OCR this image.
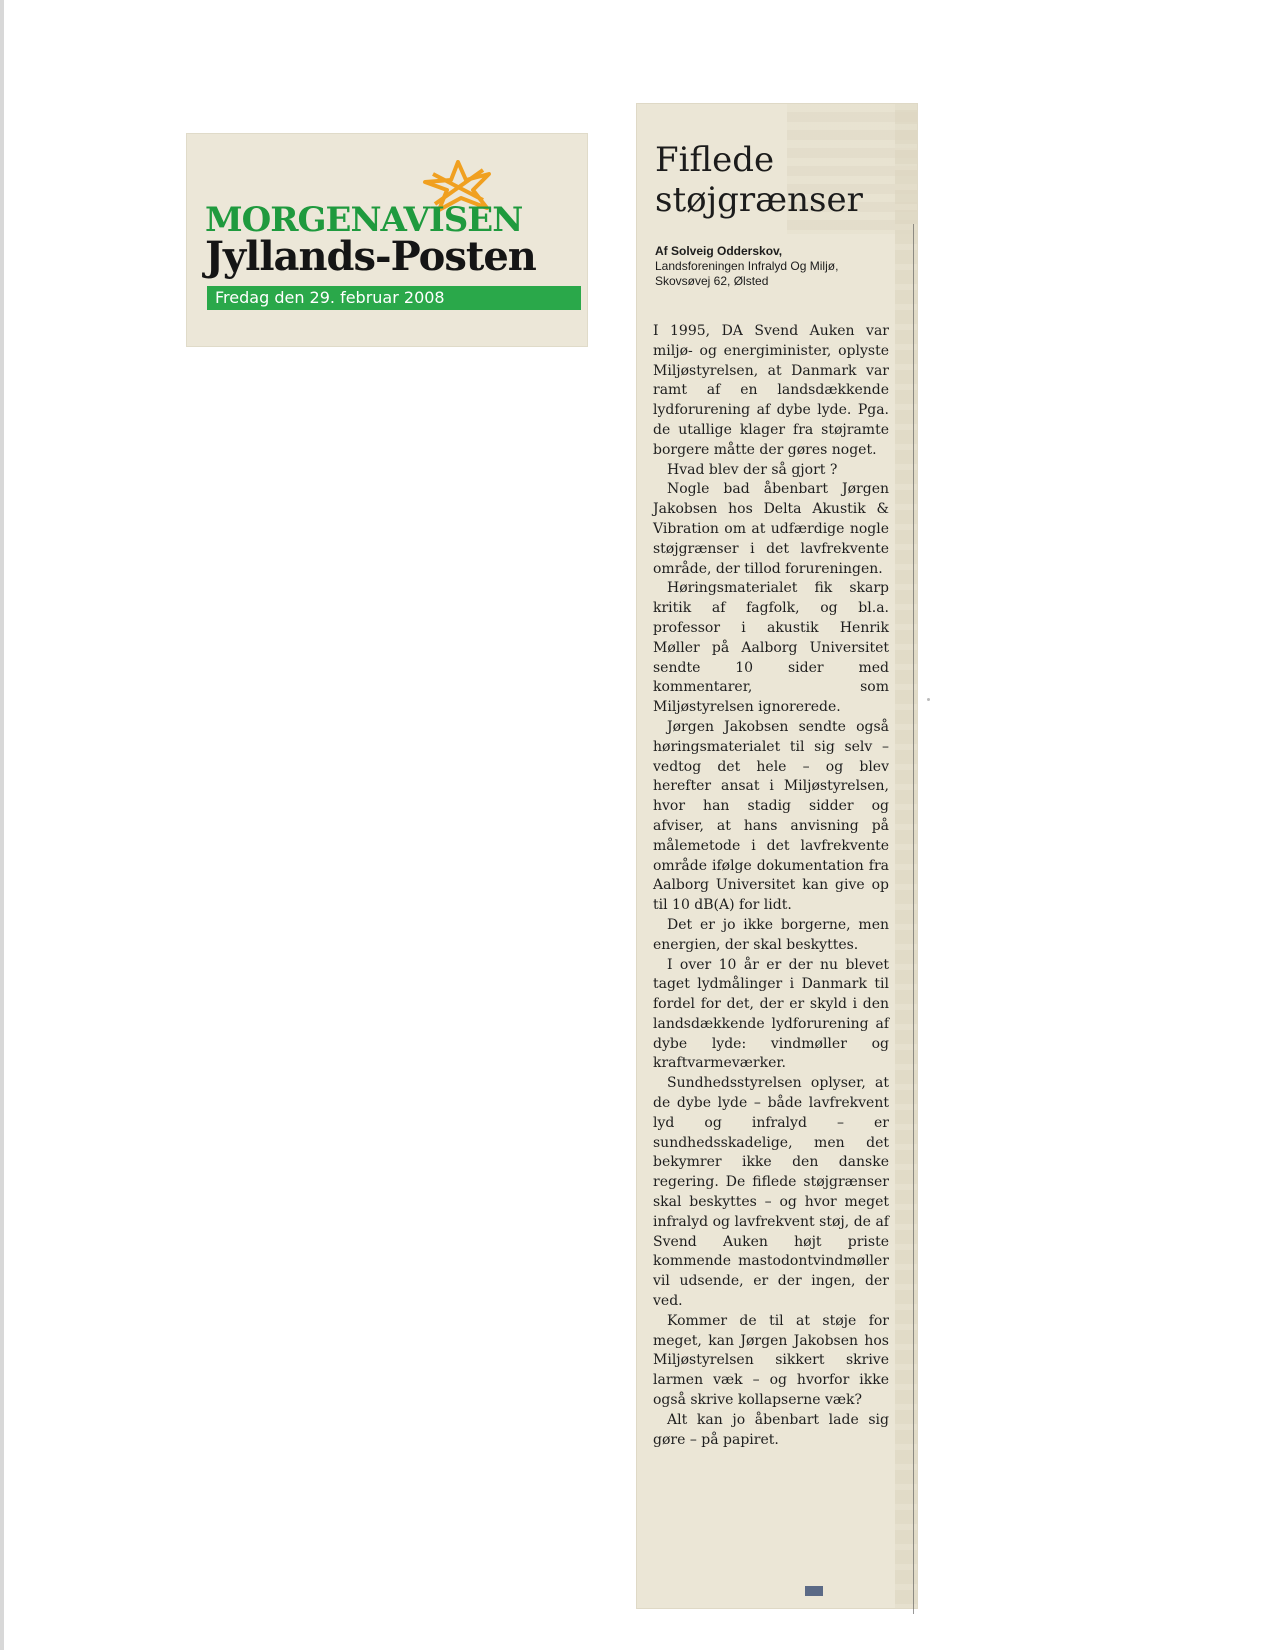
MORGENAVISEN
Jyllands-Posten
Fredag den 29. februar 2008
Fiflede
støjgrænser
Af Solveig Odderskov,
Landsforeningen Infralyd Og Miljø,
Skovsøvej 62, Ølsted

I 1995, DA Svend Auken var miljø- og energiminister, oplyste Miljøstyrelsen, at Danmark var ramt af en landsdækkende lydforurening af dybe lyde. Pga. de utallige klager fra støjramte borgere måtte der gøres noget.

Hvad blev der så gjort ?

Nogle bad åbenbart Jørgen Jakobsen hos Delta Akustik & Vibration om at udfærdige nogle støjgrænser i det lavfrekvente område, der tillod forureningen.

Høringsmaterialet fik skarp kritik af fagfolk, og bl.a. professor i akustik Henrik Møller på Aalborg Universitet sendte 10 sider med kommentarer, som Miljøstyrelsen ignorerede.

Jørgen Jakobsen sendte også høringsmaterialet til sig selv – vedtog det hele – og blev herefter ansat i Miljøstyrelsen, hvor han stadig sidder og afviser, at hans anvisning på målemetode i det lavfrekvente område ifølge dokumentation fra Aalborg Universitet kan give op til 10 dB(A) for lidt.

Det er jo ikke borgerne, men energien, der skal beskyttes.

I over 10 år er der nu blevet taget lydmålinger i Danmark til fordel for det, der er skyld i den landsdækkende lydforurening af dybe lyde: vindmøller og kraftvarmeværker.

Sundhedsstyrelsen oplyser, at de dybe lyde – både lavfrekvent lyd og infralyd – er sundhedsskadelige, men det bekymrer ikke den danske regering. De fiflede støjgrænser skal beskyttes – og hvor meget infralyd og lavfrekvent støj, de af Svend Auken højt priste kommende mastodontvindmøller vil udsende, er der ingen, der ved.

Kommer de til at støje for meget, kan Jørgen Jakobsen hos Miljøstyrelsen sikkert skrive larmen væk – og hvorfor ikke også skrive kollapserne væk?

Alt kan jo åbenbart lade sig gøre – på papiret.
